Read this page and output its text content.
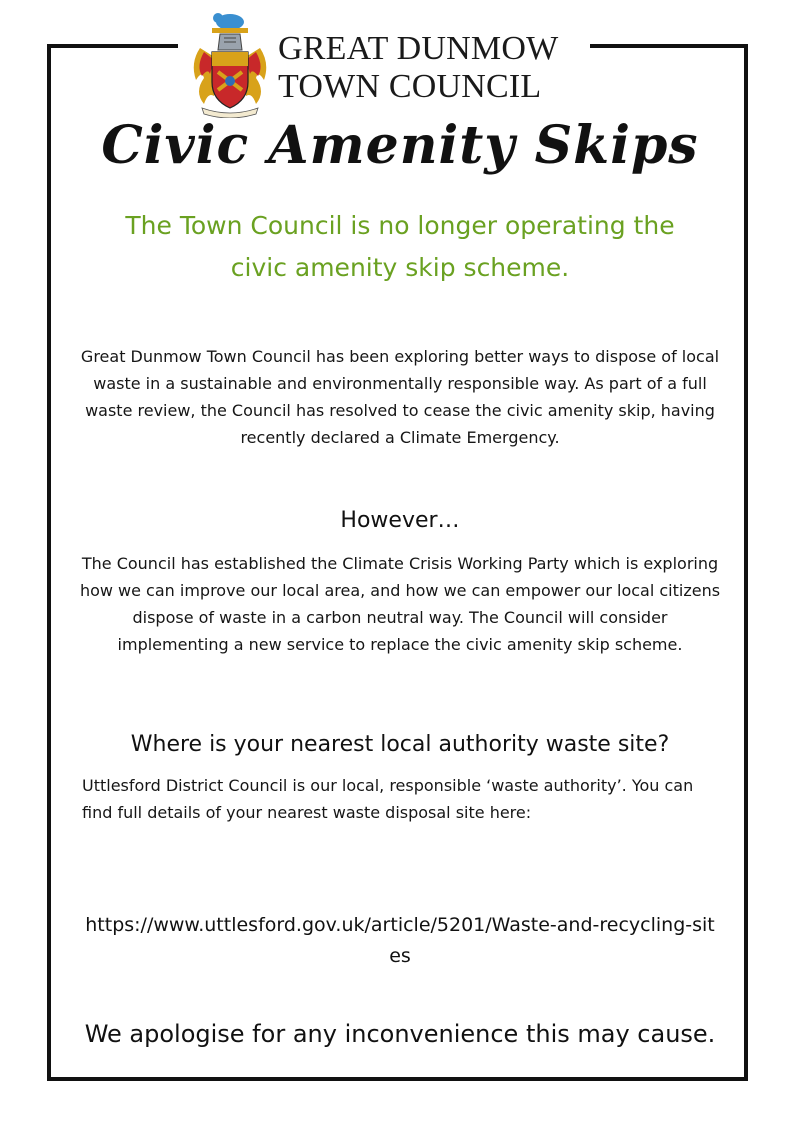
GREAT DUNMOW
TOWN COUNCIL
Civic Amenity Skips

The Town Council is no longer operating the civic amenity skip scheme.

Great Dunmow Town Council has been exploring better ways to dispose of local waste in a sustainable and environmentally responsible way. As part of a full waste review, the Council has resolved to cease the civic amenity skip, having recently declared a Climate Emergency.

However…

The Council has established the Climate Crisis Working Party which is exploring how we can improve our local area, and how we can empower our local citizens dispose of waste in a carbon neutral way. The Council will consider implementing a new service to replace the civic amenity skip scheme.

Where is your nearest local authority waste site?

Uttlesford District Council is our local, responsible ‘waste authority’. You can find full details of your nearest waste disposal site here:

https://www.uttlesford.gov.uk/article/5201/Waste-and-recycling-sites

We apologise for any inconvenience this may cause.
